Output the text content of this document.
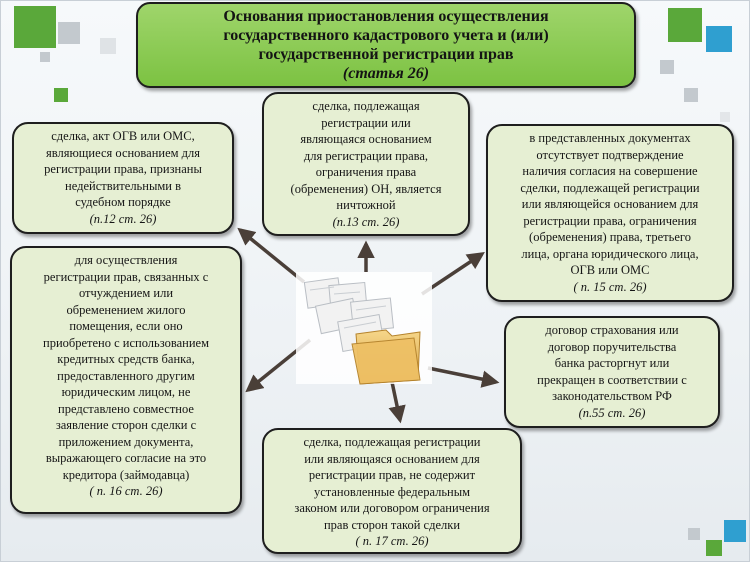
Основания приостановления осуществления
государственного кадастрового учета и (или)
государственной регистрации прав

(статья 26)
сделка, подлежащая
регистрации или
являющаяся основанием
для регистрации права,
ограничения права
(обременения) ОН, является
ничтожной
(п.13 ст. 26)
сделка, акт ОГВ или ОМС,
являющиеся основанием для
регистрации права, признаны
недействительными в
судебном порядке
(п.12 ст. 26)
в представленных документах
отсутствует подтверждение
наличия согласия на совершение
сделки, подлежащей регистрации
или являющейся основанием для
регистрации права, ограничения
(обременения) права, третьего
лица, органа юридического лица,
ОГВ или ОМС
( п. 15 ст. 26)
для осуществления
регистрации прав, связанных с
отчуждением или
обременением жилого
помещения, если оно
приобретено с использованием
кредитных средств банка,
предоставленного другим
юридическим лицом, не
представлено совместное
заявление сторон сделки с
приложением документа,
выражающего согласие на это
кредитора (займодавца)
( п. 16 ст. 26)
договор страхования или
договор поручительства
банка расторгнут или
прекращен в соответствии с
законодательством РФ
(п.55 ст. 26)
сделка, подлежащая регистрации
или являющаяся основанием для
регистрации прав, не содержит
установленные федеральным
законом или договором ограничения
прав сторон такой сделки
( п. 17 ст. 26)
